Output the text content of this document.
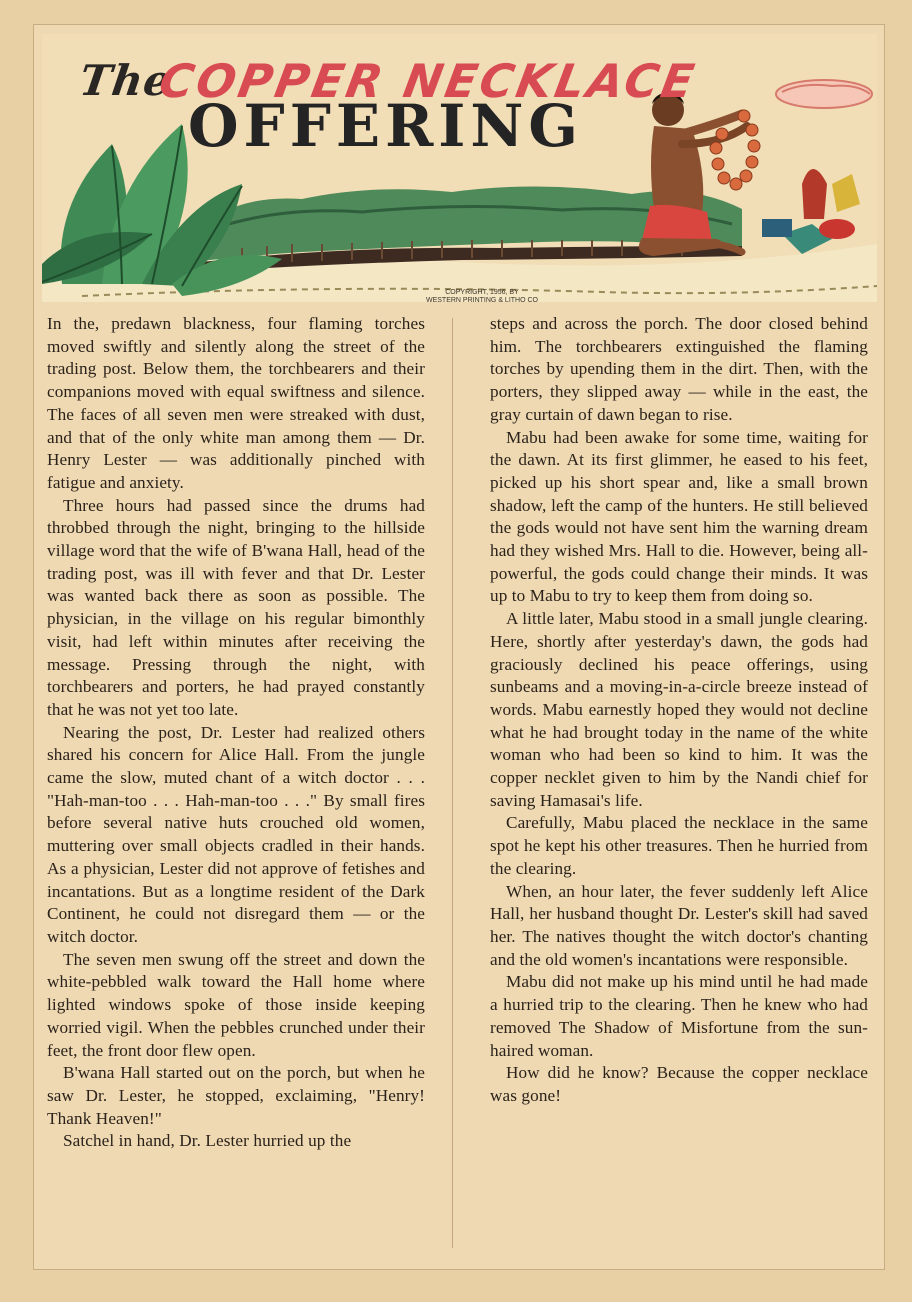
The
COPPER NECKLACE
OFFERING
COPYRIGHT, 1956, BY
WESTERN PRINTING & LITHO CO

In the, predawn blackness, four flaming torches moved swiftly and silently along the street of the trading post. Below them, the torchbearers and their companions moved with equal swiftness and silence. The faces of all seven men were streaked with dust, and that of the only white man among them — Dr. Henry Lester — was additionally pinched with fatigue and anxiety.

Three hours had passed since the drums had throbbed through the night, bringing to the hillside village word that the wife of B'wana Hall, head of the trading post, was ill with fever and that Dr. Lester was wanted back there as soon as possible. The physician, in the village on his regular bimonthly visit, had left within minutes after receiving the message. Pressing through the night, with torchbearers and porters, he had prayed constantly that he was not yet too late.

Nearing the post, Dr. Lester had realized others shared his concern for Alice Hall. From the jungle came the slow, muted chant of a witch doctor . . . "Hah-man-too . . . Hah-man-too . . ." By small fires before several native huts crouched old women, muttering over small objects cradled in their hands. As a physician, Lester did not approve of fetishes and incantations. But as a longtime resident of the Dark Continent, he could not disregard them — or the witch doctor.

The seven men swung off the street and down the white-pebbled walk toward the Hall home where lighted windows spoke of those inside keeping worried vigil. When the pebbles crunched under their feet, the front door flew open.

B'wana Hall started out on the porch, but when he saw Dr. Lester, he stopped, exclaiming, "Henry! Thank Heaven!"

Satchel in hand, Dr. Lester hurried up the

steps and across the porch. The door closed behind him. The torchbearers extinguished the flaming torches by upending them in the dirt. Then, with the porters, they slipped away — while in the east, the gray curtain of dawn began to rise.

Mabu had been awake for some time, waiting for the dawn. At its first glimmer, he eased to his feet, picked up his short spear and, like a small brown shadow, left the camp of the hunters. He still believed the gods would not have sent him the warning dream had they wished Mrs. Hall to die. However, being all-powerful, the gods could change their minds. It was up to Mabu to try to keep them from doing so.

A little later, Mabu stood in a small jungle clearing. Here, shortly after yesterday's dawn, the gods had graciously declined his peace offerings, using sunbeams and a moving-in-a-circle breeze instead of words. Mabu earnestly hoped they would not decline what he had brought today in the name of the white woman who had been so kind to him. It was the copper necklet given to him by the Nandi chief for saving Hamasai's life.

Carefully, Mabu placed the necklace in the same spot he kept his other treasures. Then he hurried from the clearing.

When, an hour later, the fever suddenly left Alice Hall, her husband thought Dr. Lester's skill had saved her. The natives thought the witch doctor's chanting and the old women's incantations were responsible.

Mabu did not make up his mind until he had made a hurried trip to the clearing. Then he knew who had removed The Shadow of Misfortune from the sun-haired woman.

How did he know? Because the copper necklace was gone!
